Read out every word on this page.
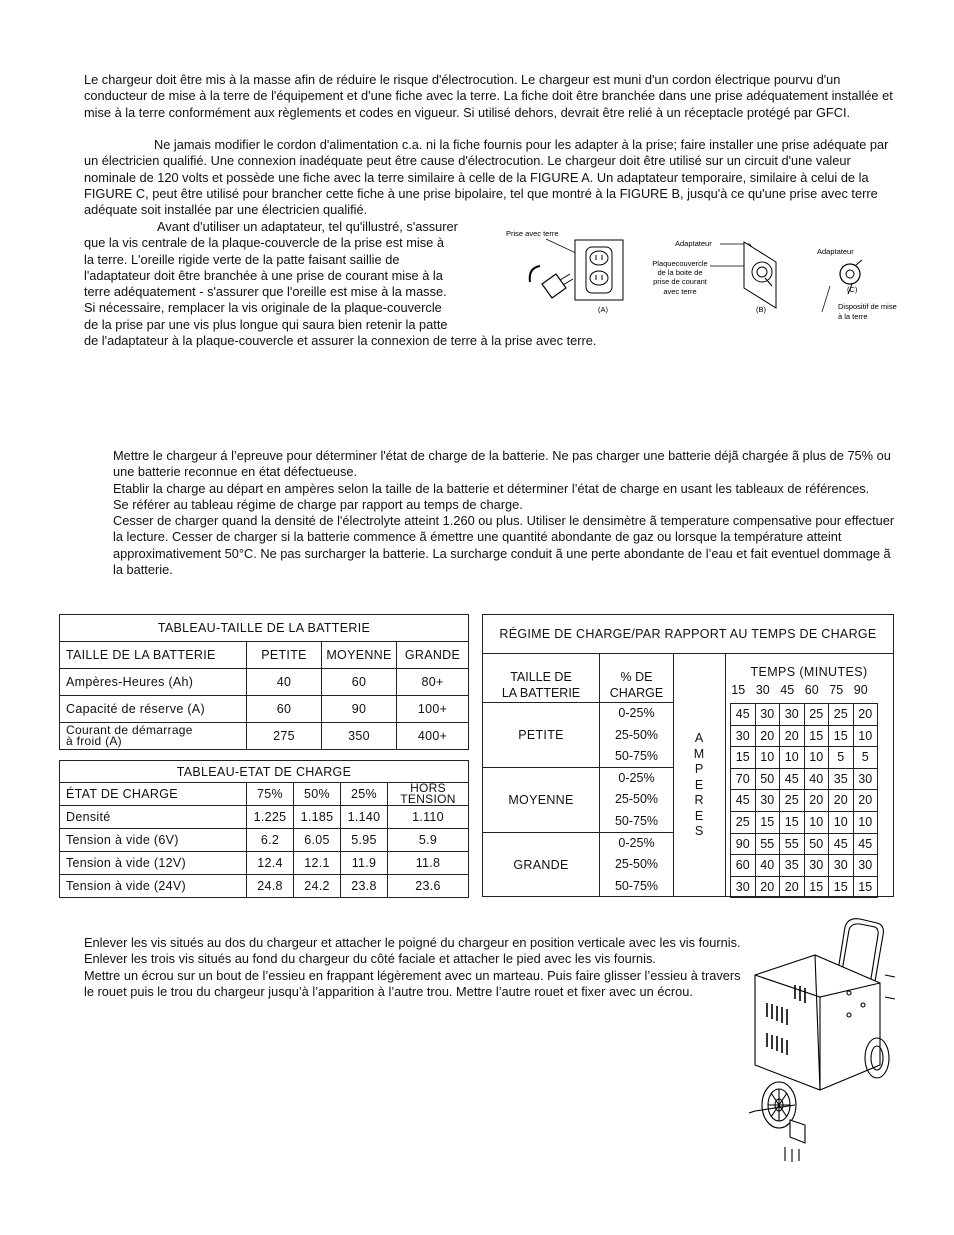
Le chargeur doit être mis à la masse afin de réduire le risque d'électrocution. Le chargeur est muni d'un cordon électrique pourvu d'un conducteur de mise à la terre de l'équipement et d'une fiche avec la terre. La fiche doit être branchée dans une prise adéquatement installée et mise à la terre conformément aux règlements et codes en vigueur. Si utilisé dehors, devrait être relié à un réceptacle protégé par GFCI.

Ne jamais modifier le cordon d'alimentation c.a. ni la fiche fournis pour les adapter à la prise; faire installer une prise adéquate par un électricien qualifié. Une connexion inadéquate peut être cause d'électrocution. Le chargeur doit être utilisé sur un circuit d'une valeur nominale de 120 volts et possède une fiche avec la terre similaire à celle de la FIGURE A. Un adaptateur temporaire, similaire à celui de la FIGURE C, peut être utilisé pour brancher cette fiche à une prise bipolaire, tel que montré à la FIGURE B, jusqu'à ce qu'une prise avec terre adéquate soit installée par une électricien qualifié.

Avant d'utiliser un adaptateur, tel qu'illustré, s'assurer
que la vis centrale de la plaque-couvercle de la prise est mise à
la terre. L'oreille rigide verte de la patte faisant saillie de
l'adaptateur doit être branchée à une prise de courant mise à la
terre adéquatement - s'assurer que l'oreille est mise à la masse.
Si nécessaire, remplacer la vis originale de la plaque-couvercle
de la prise par une vis plus longue qui saura bien retenir la patte
de l'adaptateur à la plaque-couvercle et assurer la connexion de terre à la prise avec terre.
Prise avec terre
(A)
Adaptateur
Plaquecouvercle
de la boite de
prise de courant
avec terre
(B)
Adaptateur
(C)
Dispositif de mise
à la terre
Mettre le chargeur á l’epreuve pour déterminer l'état de charge de la batterie. Ne pas charger une batterie déjã chargée ã plus de 75% ou une batterie reconnue en état défectueuse.
Etablir la charge au départ en ampères selon la taille de la batterie et déterminer l’état de charge en usant les tableaux de références.
Se référer au tableau régime de charge par rapport au temps de charge.
Cesser de charger quand la densité de l'électrolyte atteint 1.260 ou plus. Utiliser le densimètre ã temperature compensative pour effectuer la lecture. Cesser de charger si la batterie commence ã émettre une quantité abondante de gaz ou lorsque la température atteint approximativement 50°C. Ne pas surcharger la batterie. La surcharge conduit ã une perte abondante de l’eau et fait eventuel dommage ã la batterie.
TABLEAU-TAILLE DE LA BATTERIE			
TAILLE DE LA BATTERIE	PETITE	MOYENNE	GRANDE
Ampères-Heures (Ah)	40	60	80+
Capacité de réserve (A)	60	90	100+

Courant de démarrage
à froid (A)	275	350	400+
TABLEAU-ETAT DE CHARGE				
ÉTAT DE CHARGE	75%	50%	25%	HORS
TENSION

Densité	1.225	1.185	1.140	1.110
Tension à vide (6V)	6.2	6.05	5.95	5.9
Tension à vide (12V)	12.4	12.1	11.9	11.8
Tension à vide (24V)	24.8	24.2	23.8	23.6
RÉGIME DE CHARGE/PAR RAPPORT AU TEMPS DE CHARGE
TAILLE DE
LA BATTERIE
% DE
CHARGE
A
M
P
E
R
E
S
TEMPS (MINUTES)
15 30 45 60 75 90
PETITE
0-25%	45 30 30 25 25 20
25-50%	30 20 20 15 15 10
50-75%	15 10 10 10	5	5
MOYENNE
0-25%	70 50 45 40 35 30
25-50%	45 30 25 20 20 20
50-75%	25 15 15 10 10 10
GRANDE
0-25%	90 55 55 50 45 45
25-50%	60 40 35 30 30 30
50-75%	30 20 20 15 15 15
Enlever les vis situés au dos du chargeur et attacher le poigné du chargeur en position verticale avec les vis fournis.
Enlever les trois vis situés au fond du chargeur du côté faciale et attacher le pied avec les vis fournis.
Mettre un écrou sur un bout de l’essieu en frappant légèrement avec un marteau. Puis faire glisser l’essieu à travers le rouet puis le trou du chargeur jusqu’à l’apparition à l’autre trou. Mettre l’autre rouet et fixer avec un écrou.
